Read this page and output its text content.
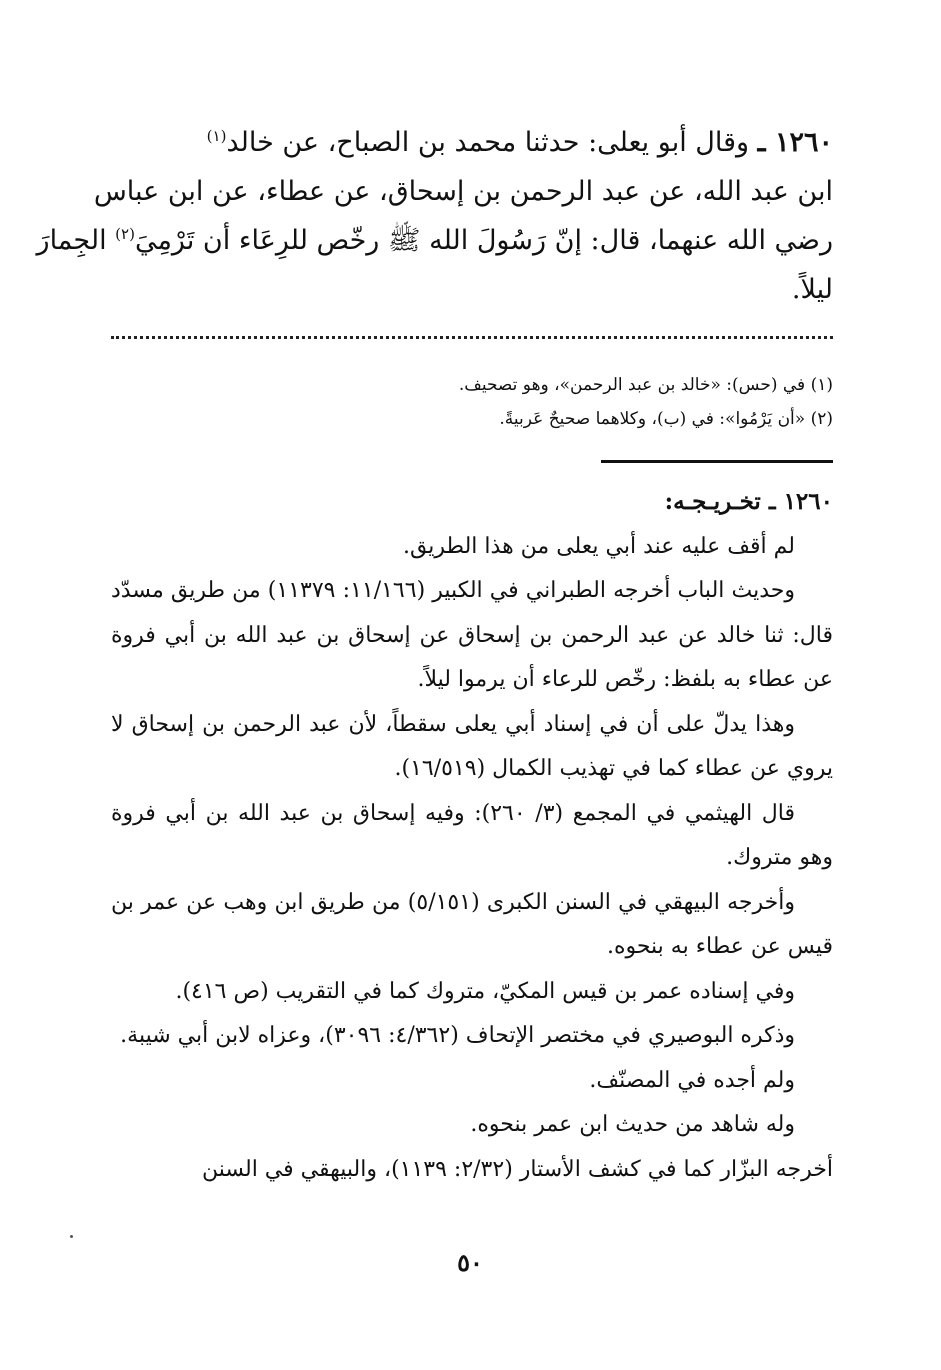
١٢٦٠ ـ وقال أبو يعلى: حدثنا محمد بن الصباح، عن خالد$^{(١)}$
ابن عبد الله، عن عبد الرحمن بن إسحاق، عن عطاء، عن ابن عباس
رضي الله عنهما، قال: إنّ رَسُولَ الله ﷺ رخّص للرِعَاء أن تَرْمِيَ$^{(٢)}$ الجِمارَ
ليلاً.
(١) في (حس): «خالد بن عبد الرحمن»، وهو تصحيف.
(٢) «أن يَرْمُوا»: في (ب)، وكلاهما صحيحٌ عَربيةً.
١٢٦٠ ـ تخـريـجـه:
لم أقف عليه عند أبي يعلى من هذا الطريق.
وحديث الباب أخرجه الطبراني في الكبير (١١/١٦٦: ١١٣٧٩) من طريق مسدّد قال: ثنا خالد عن عبد الرحمن بن إسحاق عن إسحاق بن عبد الله بن أبي فروة عن عطاء به بلفظ: رخّص للرعاء أن يرموا ليلاً.
وهذا يدلّ على أن في إسناد أبي يعلى سقطاً، لأن عبد الرحمن بن إسحاق لا يروي عن عطاء كما في تهذيب الكمال (١٦/٥١٩).
قال الهيثمي في المجمع (٣/ ٢٦٠): وفيه إسحاق بن عبد الله بن أبي فروة وهو متروك.
وأخرجه البيهقي في السنن الكبرى (٥/١٥١) من طريق ابن وهب عن عمر بن قيس عن عطاء به بنحوه.
وفي إسناده عمر بن قيس المكيّ، متروك كما في التقريب (ص ٤١٦).
وذكره البوصيري في مختصر الإتحاف (٤/٣٦٢: ٣٠٩٦)، وعزاه لابن أبي شيبة.
ولم أجده في المصنّف.
وله شاهد من حديث ابن عمر بنحوه.
أخرجه البزّار كما في كشف الأستار (٢/٣٢: ١١٣٩)، والبيهقي في السنن
٥٠
